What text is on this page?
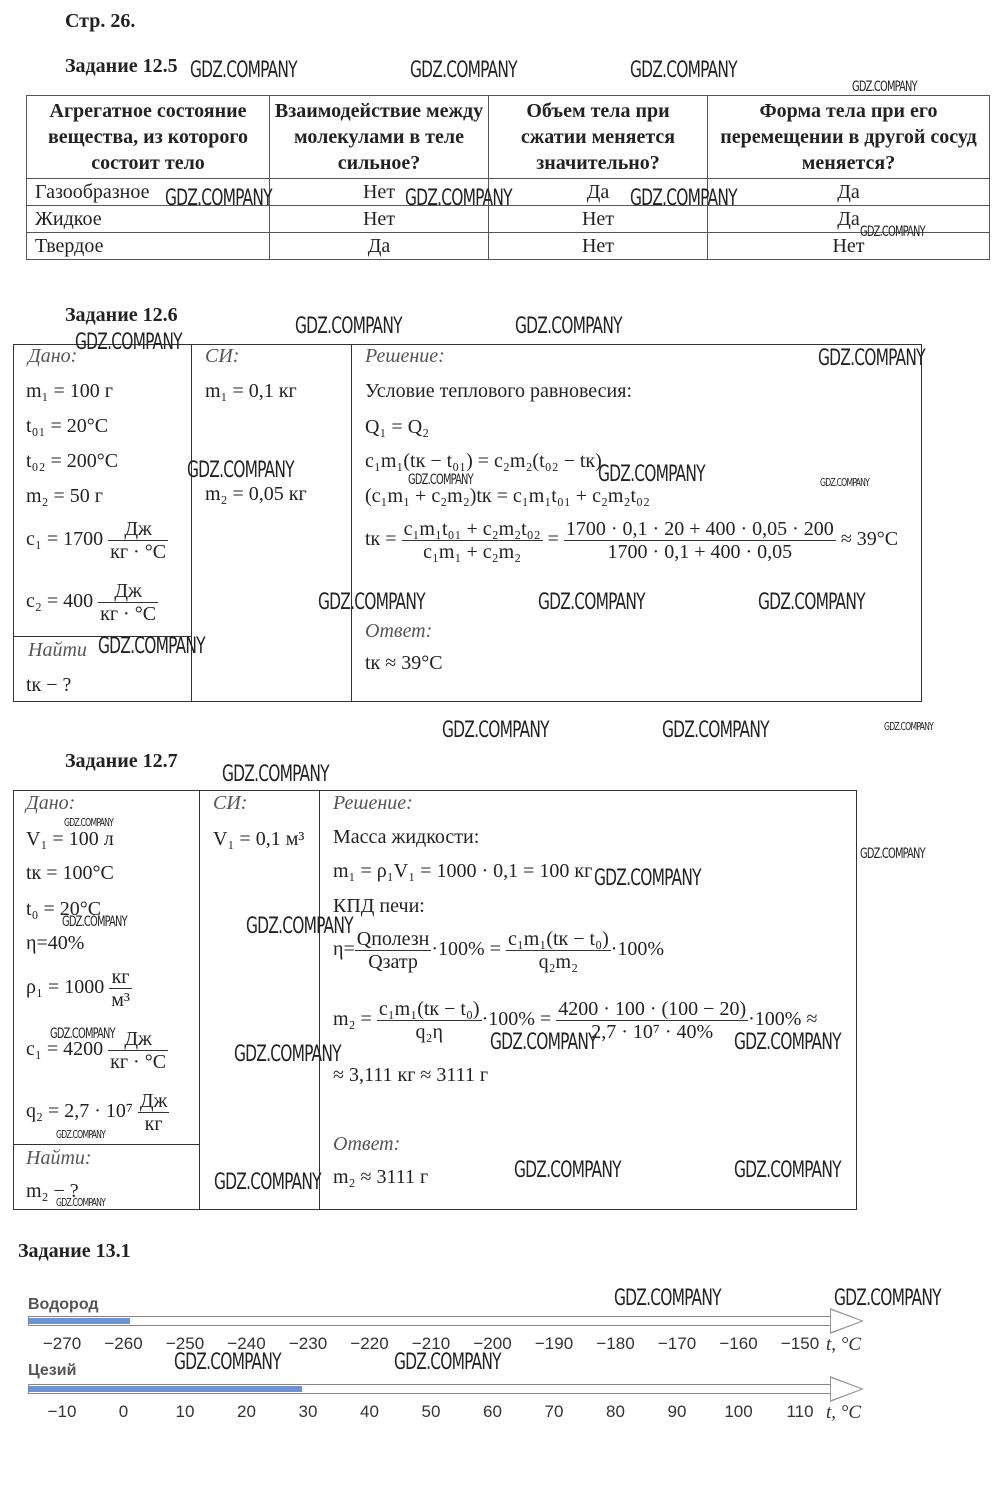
Стр. 26.
Задание 12.5
Агрегатное состояние вещества, из которого состоит тело	Взаимодействие между молекулами в теле сильное?	Объем тела при сжатии меняется значительно?	Форма тела при его перемещении в другой сосуд меняется?
Газообразное	Нет	Да	Да
Жидкое	Нет	Нет	Да
Твердое	Да	Нет	Нет
Задание 12.6
Дано:
m₁ = 100 г
t₀₁ = 20°C
t₀₂ = 200°C
m₂ = 50 г
$c_1 = 1700 \frac{Дж}{кг \cdot ^\circ C}$
$c_2 = 400 \frac{Дж}{кг \cdot ^\circ C}$
Найти
tк − ?
СИ:
m₁ = 0,1 кг
m₂ = 0,05 кг
Решение:
Условие теплового равновесия:
Q₁ = Q₂
c₁m₁(tк − t₀₁) = c₂m₂(t₀₂ − tк)
(c₁m₁ + c₂m₂)tк = c₁m₁t₀₁ + c₂m₂t₀₂
tк = $\frac{\text{c₁m₁t₀₁ + c₂m₂t₀₂}}{\text{c₁m₁ + c₂m₂}} = \frac{1700 \cdot 0,1 \cdot 20 + 400 \cdot 0,05 \cdot 200}{1700 \cdot 0,1 + 400 \cdot 0,05} \approx 39^\circ C$
Ответ:
tк ≈ 39°C
Задание 12.7
Дано:
V₁ = 100 л
tк = 100°C
t₀ = 20°C
η=40%
$\rho_1 = 1000 \frac{кг}{\text{м³}}$
$c_1 = 4200 \frac{Дж}{кг \cdot ^\circ C}$
$q_2 = 2,7 \cdot 10^7 \frac{Дж}{кг}$
Найти:
m₂ − ?
СИ:
V₁ = 0,1 м³
Решение:
Масса жидкости:
m₁ = ρ₁V₁ = 1000 · 0,1 = 100 кг
КПД печи:
$\eta= \frac{\text{Qполезн}}{\text{Qзатр}} \cdot 100\% = \frac{\text{c₁m₁(tк − t₀)}}{\text{q₂m₂}} \cdot 100\%$
$m_2 = \frac{\text{c₁m₁(tк − t₀)}}{\text{q₂η}} \cdot 100\% = \frac{4200 \cdot 100 \cdot (100 - 20)}{\text{2,7 · 10⁷ · 40\%}} \cdot 100\%$ ≈
≈ 3,111 кг ≈ 3111 г
Ответ:
m₂ ≈ 3111 г
Задание 13.1
Водород
−270 −260 −250 −240 −230 −220 −210 −200 −190 −180 −170 −160 −150 t, °C
Цезий
−10 0	10	20	30	40	50	60	70	80	90 100 110 t, °C
GDZ.COMPANY	GDZ.COMPANY	GDZ.COMPANY
GDZ.COMPANY
GDZ.COMPANY	GDZ.COMPANY	GDZ.COMPANY
GDZ.COMPANY
GDZ.COMPANY	GDZ.COMPANY
GDZ.COMPANY
GDZ.COMPANY
GDZ.COMPANY	GDZ.COMPANY
GDZ.COMPANY	GDZ.COMPANY
GDZ.COMPANY	GDZ.COMPANY	GDZ.COMPANY
GDZ.COMPANY
GDZ.COMPANY	GDZ.COMPANY	GDZ.COMPANY
GDZ.COMPANY
GDZ.COMPANY
GDZ.COMPANY
GDZ.COMPANY
GDZ.COMPANY	GDZ.COMPANY
GDZ.COMPANY	GDZ.COMPANY	GDZ.COMPANY
GDZ.COMPANY
GDZ.COMPANY
GDZ.COMPANY	GDZ.COMPANY
GDZ.COMPANY
GDZ.COMPANY
GDZ.COMPANY	GDZ.COMPANY
GDZ.COMPANY	GDZ.COMPANY
